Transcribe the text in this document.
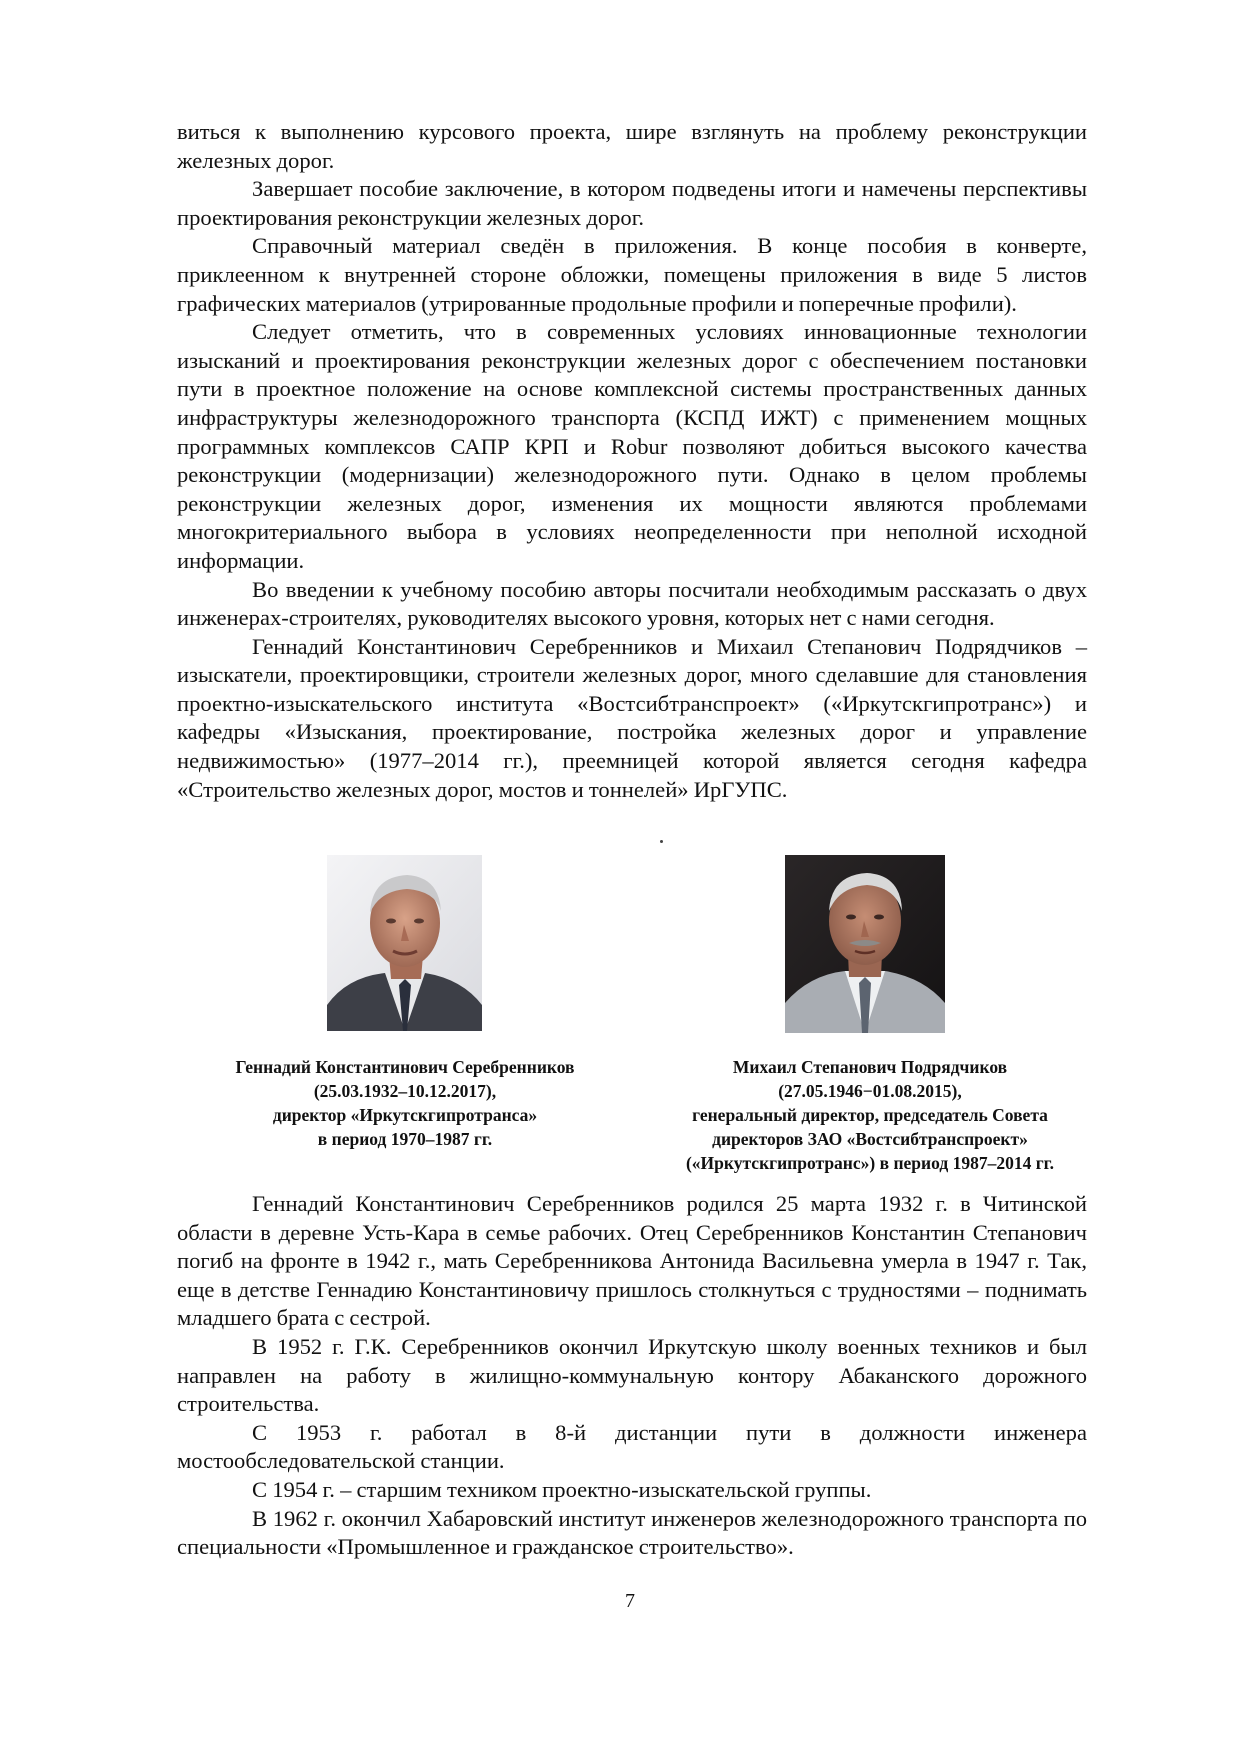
виться к выполнению курсового проекта, шире взглянуть на проблему реконструкции железных дорог.

Завершает пособие заключение, в котором подведены итоги и намечены перспективы проектирования реконструкции железных дорог.

Справочный материал сведён в приложения. В конце пособия в конверте, приклеенном к внутренней стороне обложки, помещены приложения в виде 5 листов графических материалов (утрированные продольные профили и поперечные профили).

Следует отметить, что в современных условиях инновационные технологии изысканий и проектирования реконструкции железных дорог с обеспечением постановки пути в проектное положение на основе комплексной системы пространственных данных инфраструктуры железнодорожного транспорта (КСПД ИЖТ) с применением мощных программных комплексов САПР КРП и Robur позволяют добиться высокого качества реконструкции (модернизации) железнодорожного пути. Однако в целом проблемы реконструкции железных дорог, изменения их мощности являются проблемами многокритериального выбора в условиях неопределенности при неполной исходной информации.

Во введении к учебному пособию авторы посчитали необходимым рассказать о двух инженерах-строителях, руководителях высокого уровня, которых нет с нами сегодня.

Геннадий Константинович Серебренников и Михаил Степанович Подрядчиков – изыскатели, проектировщики, строители железных дорог, много сделавшие для становления проектно-изыскательского института «Востсибтранспроект» («Иркутскгипротранс») и кафедры «Изыскания, проектирование, постройка железных дорог и управление недвижимостью» (1977–2014 гг.), преемницей которой является сегодня кафедра «Строительство железных дорог, мостов и тоннелей» ИрГУПС.

Геннадий Константинович Серебренников
(25.03.1932–10.12.2017),
директор «Иркутскгипротранса»
в период 1970–1987 гг.
Михаил Степанович Подрядчиков
(27.05.1946−01.08.2015),
генеральный директор, председатель Совета
директоров ЗАО «Востсибтранспроект»
(«Иркутскгипротранс») в период 1987–2014 гг.

Геннадий Константинович Серебренников родился 25 марта 1932 г. в Читинской области в деревне Усть-Кара в семье рабочих. Отец Серебренников Константин Степанович погиб на фронте в 1942 г., мать Серебренникова Антонида Васильевна умерла в 1947 г. Так, еще в детстве Геннадию Константиновичу пришлось столкнуться с трудностями – поднимать младшего брата с сестрой.

В 1952 г. Г.К. Серебренников окончил Иркутскую школу военных техников и был направлен на работу в жилищно-коммунальную контору Абаканского дорожного строительства.

С 1953 г. работал в 8-й дистанции пути в должности инженера мостообследовательской станции.

С 1954 г. – старшим техником проектно-изыскательской группы.

В 1962 г. окончил Хабаровский институт инженеров железнодорожного транспорта по специальности «Промышленное и гражданское строительство».

7
